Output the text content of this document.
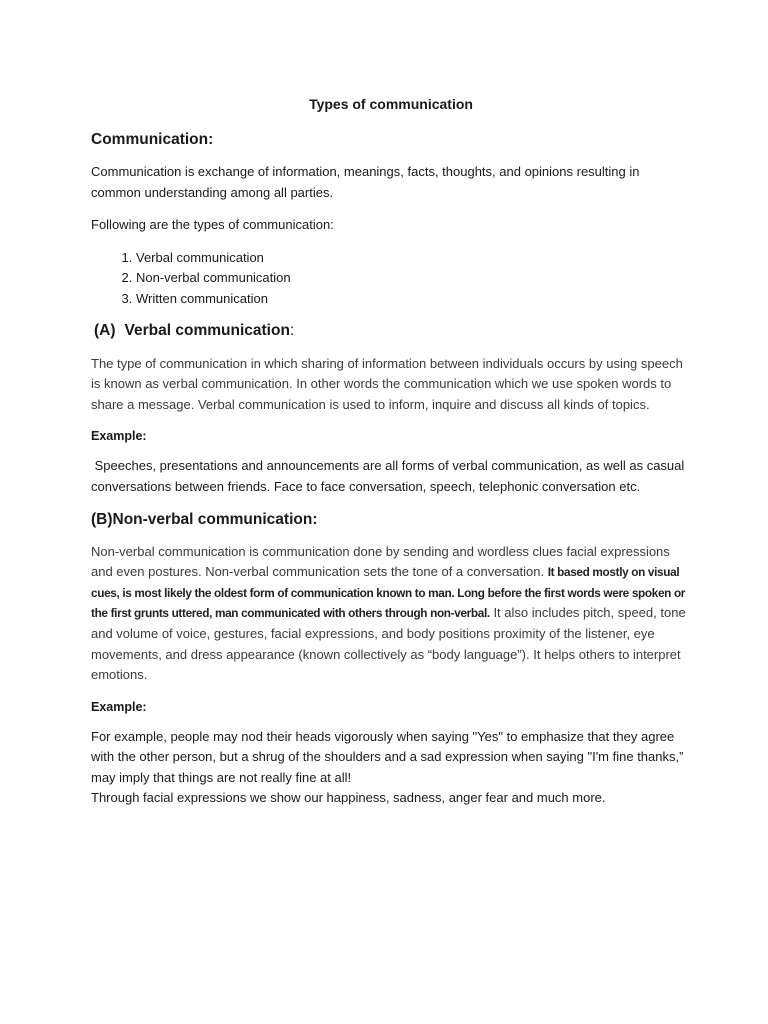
Types of communication
Communication:

Communication is exchange of information, meanings, facts, thoughts, and opinions resulting in common understanding among all parties.

Following are the types of communication:

1. Verbal communication
2. Non-verbal communication
3. Written communication
(A) Verbal communication:

The type of communication in which sharing of information between individuals occurs by using speech is known as verbal communication. In other words the communication which we use spoken words to share a message. Verbal communication is used to inform, inquire and discuss all kinds of topics.

Example:

Speeches, presentations and announcements are all forms of verbal communication, as well as casual conversations between friends. Face to face conversation, speech, telephonic conversation etc.

(B)Non-verbal communication:

Non-verbal communication is communication done by sending and wordless clues facial expressions and even postures. Non-verbal communication sets the tone of a conversation. It based mostly on visual cues, is most likely the oldest form of communication known to man. Long before the first words were spoken or the first grunts uttered, man communicated with others through non-verbal. It also includes pitch, speed, tone and volume of voice, gestures, facial expressions, and body positions proximity of the listener, eye movements, and dress appearance (known collectively as “body language”). It helps others to interpret emotions.

Example:

For example, people may nod their heads vigorously when saying "Yes" to emphasize that they agree with the other person, but a shrug of the shoulders and a sad expression when saying "I'm fine thanks,” may imply that things are not really fine at all!
Through facial expressions we show our happiness, sadness, anger fear and much more.
